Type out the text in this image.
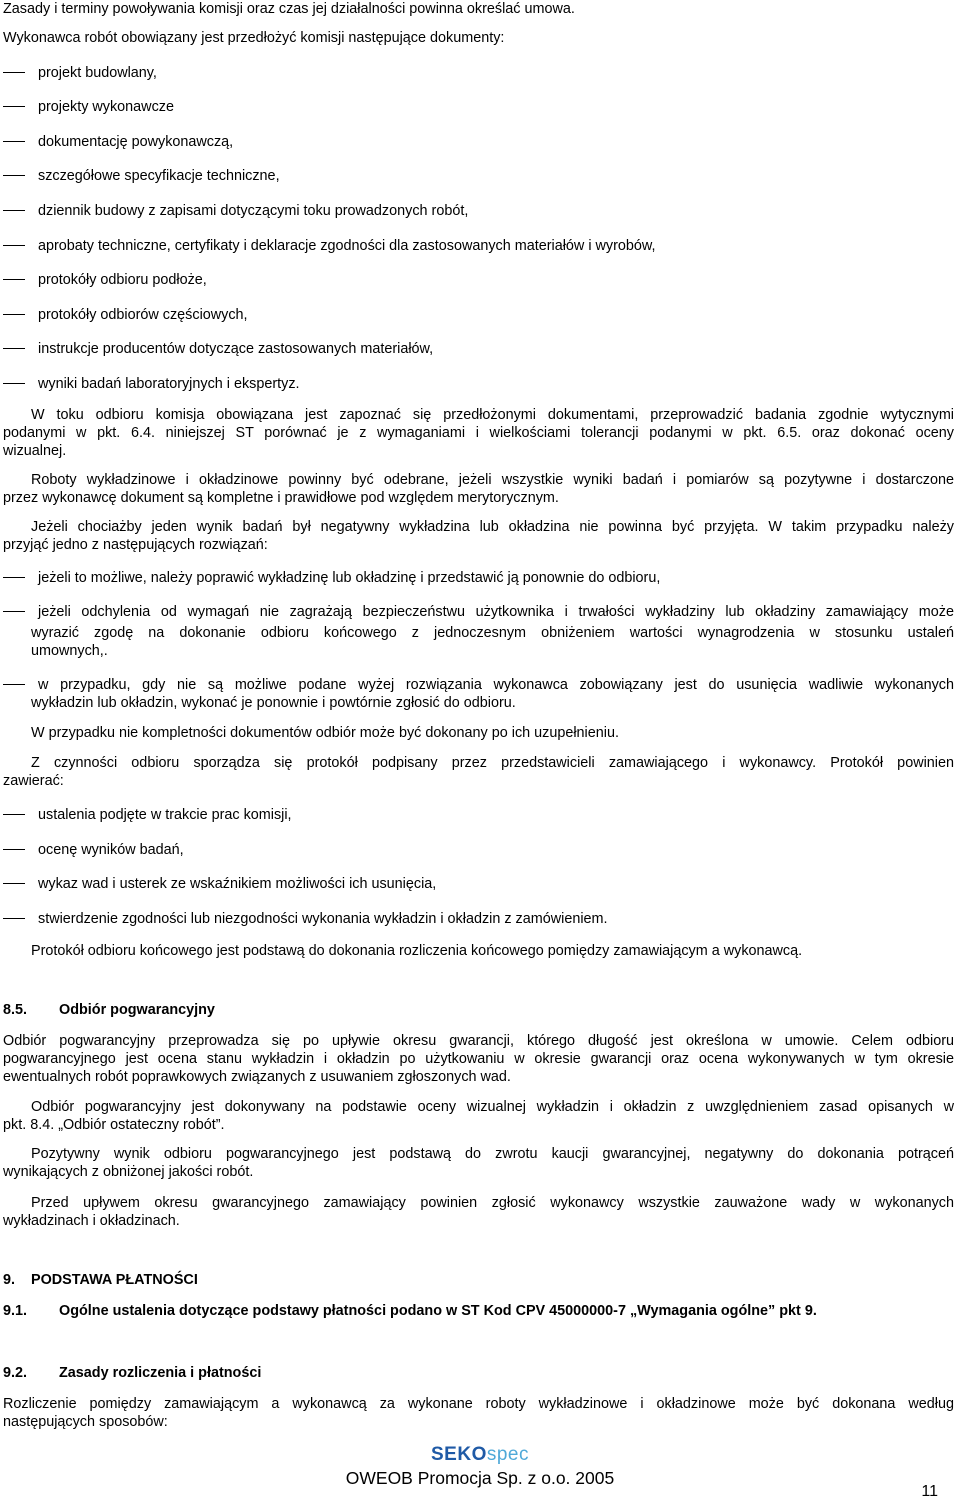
Zasady i terminy powoływania komisji oraz czas jej działalności powinna określać umowa.
Wykonawca robót obowiązany jest przedłożyć komisji następujące dokumenty:
projekt budowlany,
projekty wykonawcze
dokumentację powykonawczą,
szczegółowe specyfikacje techniczne,
dziennik budowy z zapisami dotyczącymi toku prowadzonych robót,
aprobaty techniczne, certyfikaty i deklaracje zgodności dla zastosowanych materiałów i wyrobów,
protokóły odbioru podłoże,
protokóły odbiorów częściowych,
instrukcje producentów dotyczące zastosowanych materiałów,
wyniki badań laboratoryjnych i ekspertyz.
W toku odbioru komisja obowiązana jest zapoznać się przedłożonymi dokumentami, przeprowadzić badania zgodnie wytycznymi
podanymi w pkt. 6.4. niniejszej ST porównać je z wymaganiami i wielkościami tolerancji podanymi w pkt. 6.5. oraz dokonać oceny
wizualnej.
Roboty wykładzinowe i okładzinowe powinny być odebrane, jeżeli wszystkie wyniki badań i pomiarów są pozytywne i dostarczone
przez wykonawcę dokument są kompletne i prawidłowe pod względem merytorycznym.
Jeżeli chociażby jeden wynik badań był negatywny wykładzina lub okładzina nie powinna być przyjęta. W takim przypadku należy
przyjąć jedno z następujących rozwiązań:
jeżeli to możliwe, należy poprawić wykładzinę lub okładzinę i przedstawić ją ponownie do odbioru,
jeżeli odchylenia od wymagań nie zagrażają bezpieczeństwu użytkownika i trwałości wykładziny lub okładziny zamawiający może
wyrazić zgodę na dokonanie odbioru końcowego z jednoczesnym obniżeniem wartości wynagrodzenia w stosunku ustaleń
umownych,.
w przypadku, gdy nie są możliwe podane wyżej rozwiązania wykonawca zobowiązany jest do usunięcia wadliwie wykonanych
wykładzin lub okładzin, wykonać je ponownie i powtórnie zgłosić do odbioru.
W przypadku nie kompletności dokumentów odbiór może być dokonany po ich uzupełnieniu.
Z czynności odbioru sporządza się protokół podpisany przez przedstawicieli zamawiającego i wykonawcy. Protokół powinien
zawierać:
ustalenia podjęte w trakcie prac komisji,
ocenę wyników badań,
wykaz wad i usterek ze wskaźnikiem możliwości ich usunięcia,
stwierdzenie zgodności lub niezgodności wykonania wykładzin i okładzin z zamówieniem.
Protokół odbioru końcowego jest podstawą do dokonania rozliczenia końcowego pomiędzy zamawiającym a wykonawcą.
8.5. Odbiór pogwarancyjny
Odbiór pogwarancyjny przeprowadza się po upływie okresu gwarancji, którego długość jest określona w umowie. Celem odbioru
pogwarancyjnego jest ocena stanu wykładzin i okładzin po użytkowaniu w okresie gwarancji oraz ocena wykonywanych w tym okresie
ewentualnych robót poprawkowych związanych z usuwaniem zgłoszonych wad.
Odbiór pogwarancyjny jest dokonywany na podstawie oceny wizualnej wykładzin i okładzin z uwzględnieniem zasad opisanych w
pkt. 8.4. „Odbiór ostateczny robót”.
Pozytywny wynik odbioru pogwarancyjnego jest podstawą do zwrotu kaucji gwarancyjnej, negatywny do dokonania potrąceń
wynikających z obniżonej jakości robót.
Przed upływem okresu gwarancyjnego zamawiający powinien zgłosić wykonawcy wszystkie zauważone wady w wykonanych
wykładzinach i okładzinach.
9. PODSTAWA PŁATNOŚCI
9.1. Ogólne ustalenia dotyczące podstawy płatności podano w ST Kod CPV 45000000-7 „Wymagania ogólne” pkt 9.
9.2. Zasady rozliczenia i płatności
Rozliczenie pomiędzy zamawiającym a wykonawcą za wykonane roboty wykładzinowe i okładzinowe może być dokonana według
następujących sposobów:
SEKOspec
OWEOB Promocja Sp. z o.o. 2005
11
